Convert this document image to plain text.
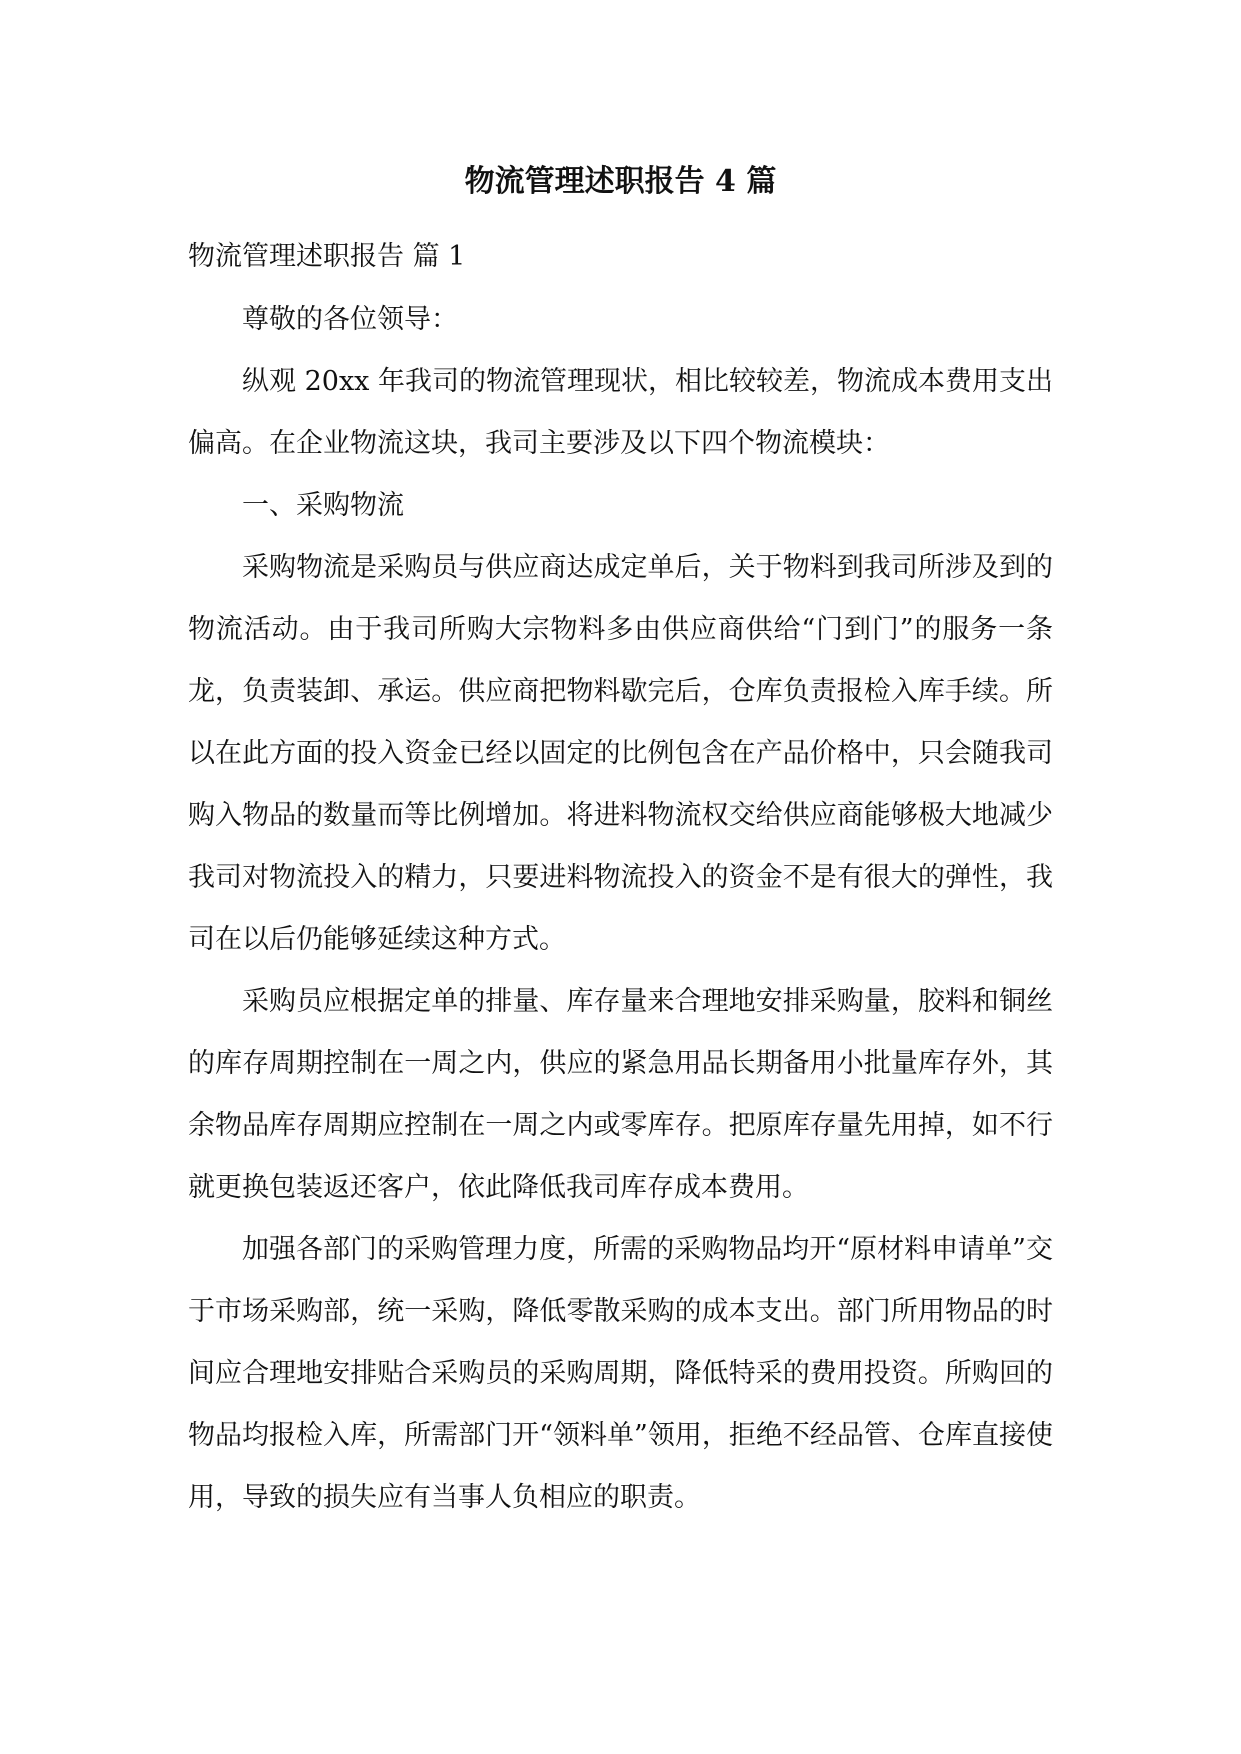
物流管理述职报告 4 篇

物流管理述职报告 篇 1

尊敬的各位领导：

纵观 20xx 年我司的物流管理现状，相比较较差，物流成本费用支出偏高。在企业物流这块，我司主要涉及以下四个物流模块：

一、采购物流

采购物流是采购员与供应商达成定单后，关于物料到我司所涉及到的物流活动。由于我司所购大宗物料多由供应商供给“门到门”的服务一条龙，负责装卸、承运。供应商把物料歇完后，仓库负责报检入库手续。所以在此方面的投入资金已经以固定的比例包含在产品价格中，只会随我司购入物品的数量而等比例增加。将进料物流权交给供应商能够极大地减少我司对物流投入的精力，只要进料物流投入的资金不是有很大的弹性，我司在以后仍能够延续这种方式。

采购员应根据定单的排量、库存量来合理地安排采购量，胶料和铜丝的库存周期控制在一周之内，供应的紧急用品长期备用小批量库存外，其余物品库存周期应控制在一周之内或零库存。把原库存量先用掉，如不行就更换包装返还客户，依此降低我司库存成本费用。

加强各部门的采购管理力度，所需的采购物品均开“原材料申请单”交于市场采购部，统一采购，降低零散采购的成本支出。部门所用物品的时间应合理地安排贴合采购员的采购周期，降低特采的费用投资。所购回的物品均报检入库，所需部门开“领料单”领用，拒绝不经品管、仓库直接使用，导致的损失应有当事人负相应的职责。
